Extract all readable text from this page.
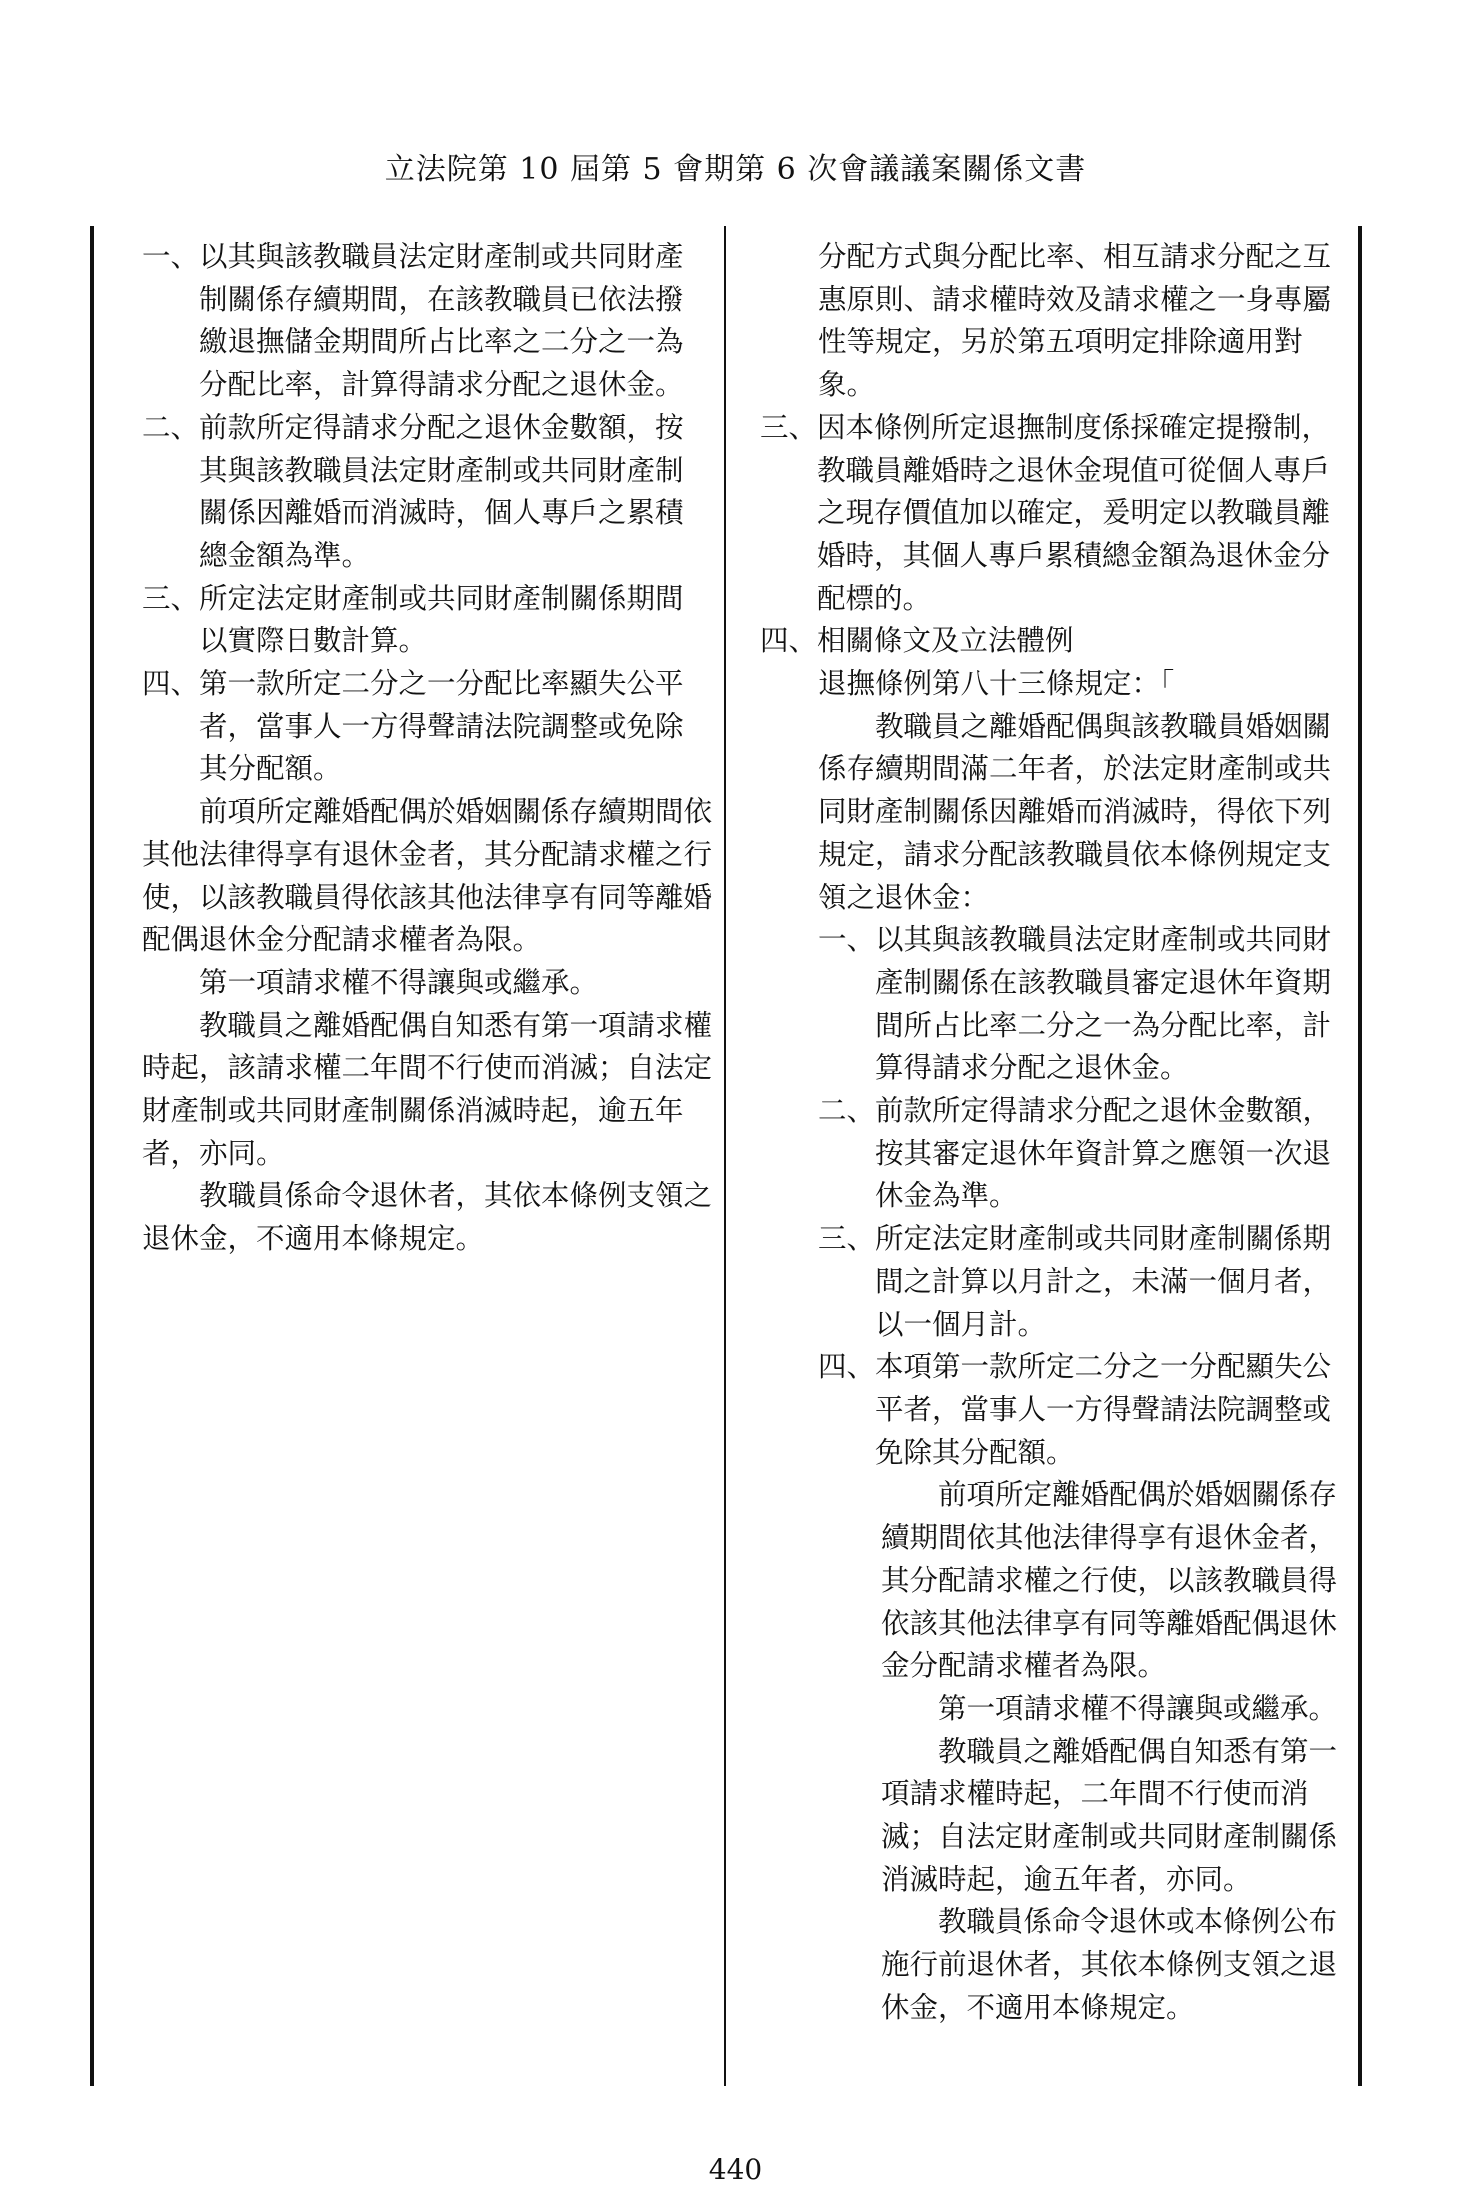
立法院第 10 屆第 5 會期第 6 次會議議案關係文書
一、 以其與該教職員法定財產制或共同財產制關係存續期間，在該教職員已依法撥繳退撫儲金期間所占比率之二分之一為分配比率，計算得請求分配之退休金。
二、 前款所定得請求分配之退休金數額，按其與該教職員法定財產制或共同財產制關係因離婚而消滅時，個人專戶之累積總金額為準。
三、 所定法定財產制或共同財產制關係期間以實際日數計算。
四、 第一款所定二分之一分配比率顯失公平者，當事人一方得聲請法院調整或免除其分配額。

前項所定離婚配偶於婚姻關係存續期間依其他法律得享有退休金者，其分配請求權之行使，以該教職員得依該其他法律享有同等離婚配偶退休金分配請求權者為限。

第一項請求權不得讓與或繼承。

教職員之離婚配偶自知悉有第一項請求權時起，該請求權二年間不行使而消滅；自法定財產制或共同財產制關係消滅時起，逾五年者，亦同。

教職員係命令退休者，其依本條例支領之退休金，不適用本條規定。

分配方式與分配比率、相互請求分配之互惠原則、請求權時效及請求權之一身專屬性等規定，另於第五項明定排除適用對象。

三、 因本條例所定退撫制度係採確定提撥制，教職員離婚時之退休金現值可從個人專戶之現存價值加以確定，爰明定以教職員離婚時，其個人專戶累積總金額為退休金分配標的。
四、 相關條文及立法體例

退撫條例第八十三條規定：「

教職員之離婚配偶與該教職員婚姻關係存續期間滿二年者，於法定財產制或共同財產制關係因離婚而消滅時，得依下列規定，請求分配該教職員依本條例規定支領之退休金：

一、 以其與該教職員法定財產制或共同財產制關係在該教職員審定退休年資期間所占比率二分之一為分配比率，計算得請求分配之退休金。
二、 前款所定得請求分配之退休金數額，按其審定退休年資計算之應領一次退休金為準。
三、 所定法定財產制或共同財產制關係期間之計算以月計之，未滿一個月者，以一個月計。
四、 本項第一款所定二分之一分配顯失公平者，當事人一方得聲請法院調整或免除其分配額。

前項所定離婚配偶於婚姻關係存續期間依其他法律得享有退休金者，其分配請求權之行使，以該教職員得依該其他法律享有同等離婚配偶退休金分配請求權者為限。

第一項請求權不得讓與或繼承。

教職員之離婚配偶自知悉有第一項請求權時起，二年間不行使而消滅；自法定財產制或共同財產制關係消滅時起，逾五年者，亦同。

教職員係命令退休或本條例公布施行前退休者，其依本條例支領之退休金，不適用本條規定。

440
